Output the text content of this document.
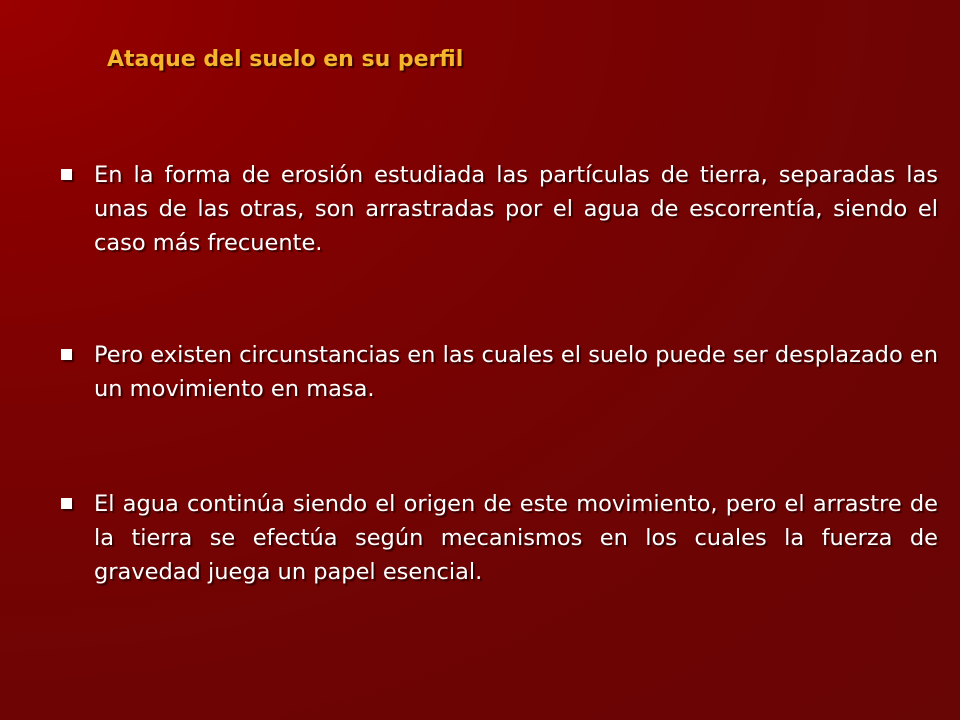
Ataque del suelo en su perfil
En la forma de erosión estudiada las partículas de tierra, separadas las unas de las otras, son arrastradas por el agua de escorrentía, siendo el caso más frecuente.
Pero existen circunstancias en las cuales el suelo puede ser desplazado en un movimiento en masa.
El agua continúa siendo el origen de este movimiento, pero el arrastre de la tierra se efectúa según mecanismos en los cuales la fuerza de gravedad juega un papel esencial.
